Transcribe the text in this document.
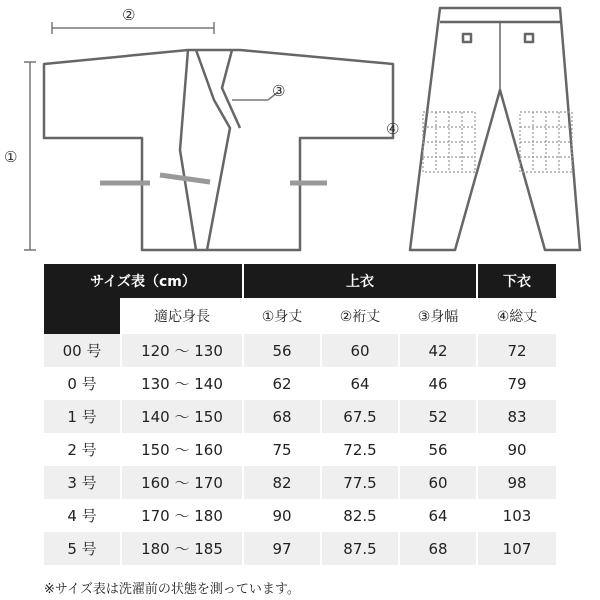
②
①
③
④
サイズ表（cm）		上衣			下衣
	適応身長	①身丈	②裄丈	③身幅	④総丈
00 号	120 ～ 130	56	60	42	72
0 号	130 ～ 140	62	64	46	79
1 号	140 ～ 150	68	67.5	52	83
2 号	150 ～ 160	75	72.5	56	90
3 号	160 ～ 170	82	77.5	60	98
4 号	170 ～ 180	90	82.5	64	103
5 号	180 ～ 185	97	87.5	68	107
※サイズ表は洗濯前の状態を測っています。
